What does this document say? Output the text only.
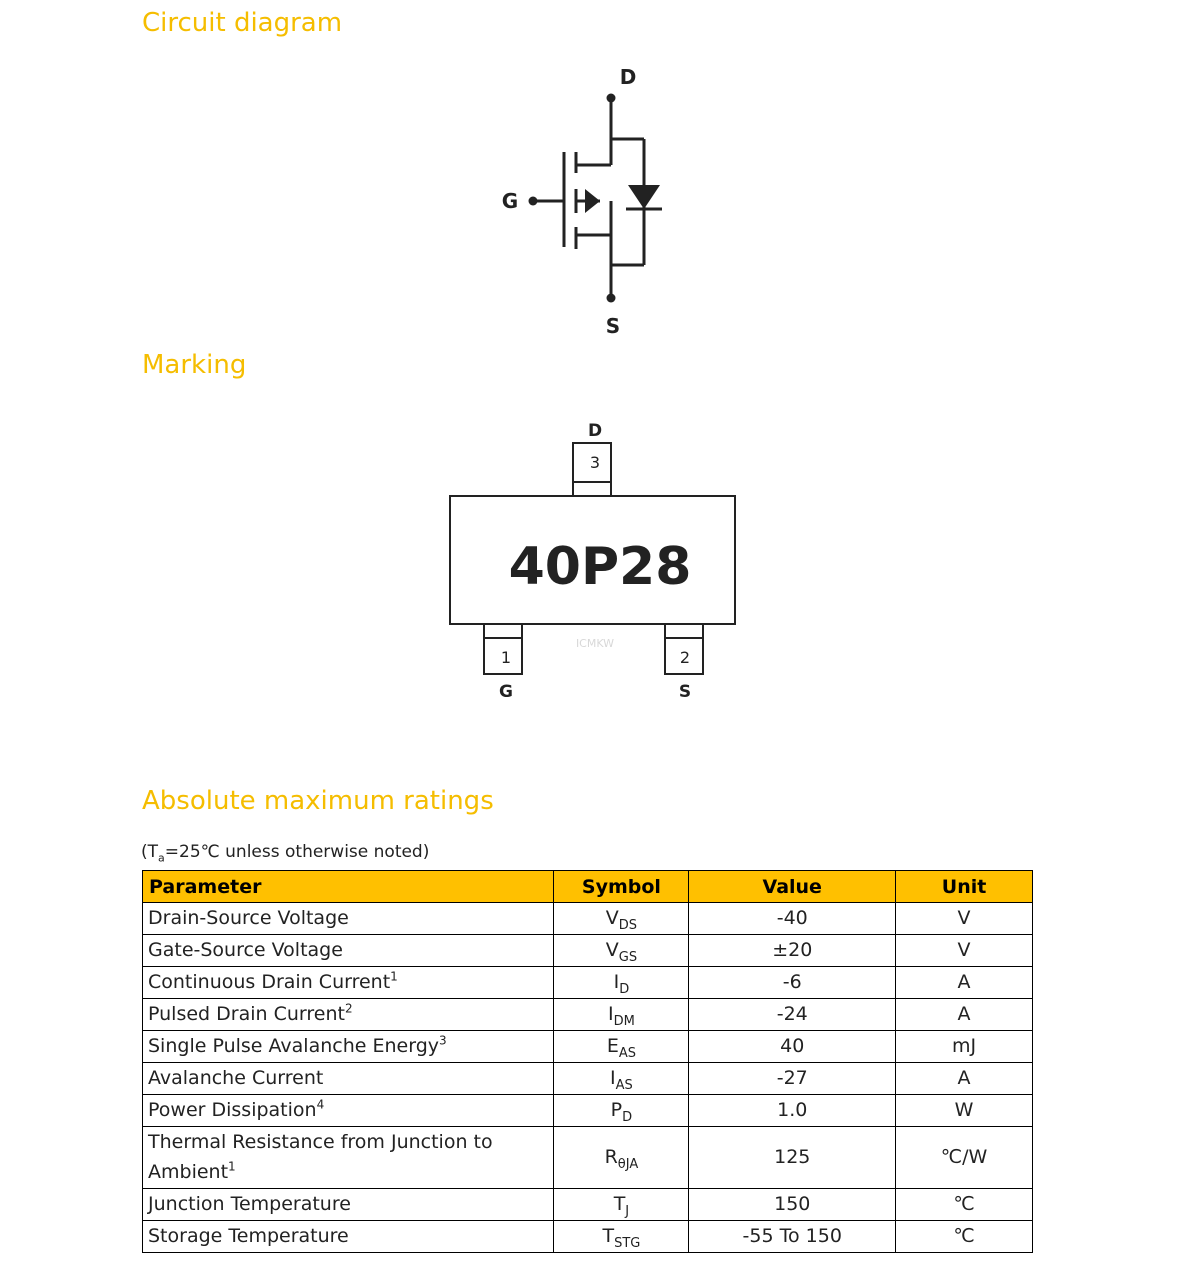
Circuit diagram
D
G
S
Marking
40P28
ICMKW
D
3
1
G
2
S
Absolute maximum ratings
($T_a=25℃$ unless otherwise noted)
Parameter	Symbol	Value	Unit
Drain-Source Voltage	$V_{DS}$	-40	V
Gate-Source Voltage	$V_{GS}$	±20	V
Continuous Drain Current$^1$	$I_D$	-6	A
Pulsed Drain Current$^2$	$I_{DM}$	-24	A
Single Pulse Avalanche Energy$^3$	$E_{AS}$	40	mJ
Avalanche Current	$I_{AS}$	-27	A
Power Dissipation$^4$	$P_D$	1.0	W
Thermal Resistance from Junction to Ambient$^1$	$R_{\theta JA}$	125	℃/W
Junction Temperature	$T_J$	150	℃
Storage Temperature	$T_{STG}$	-55 To 150	℃
